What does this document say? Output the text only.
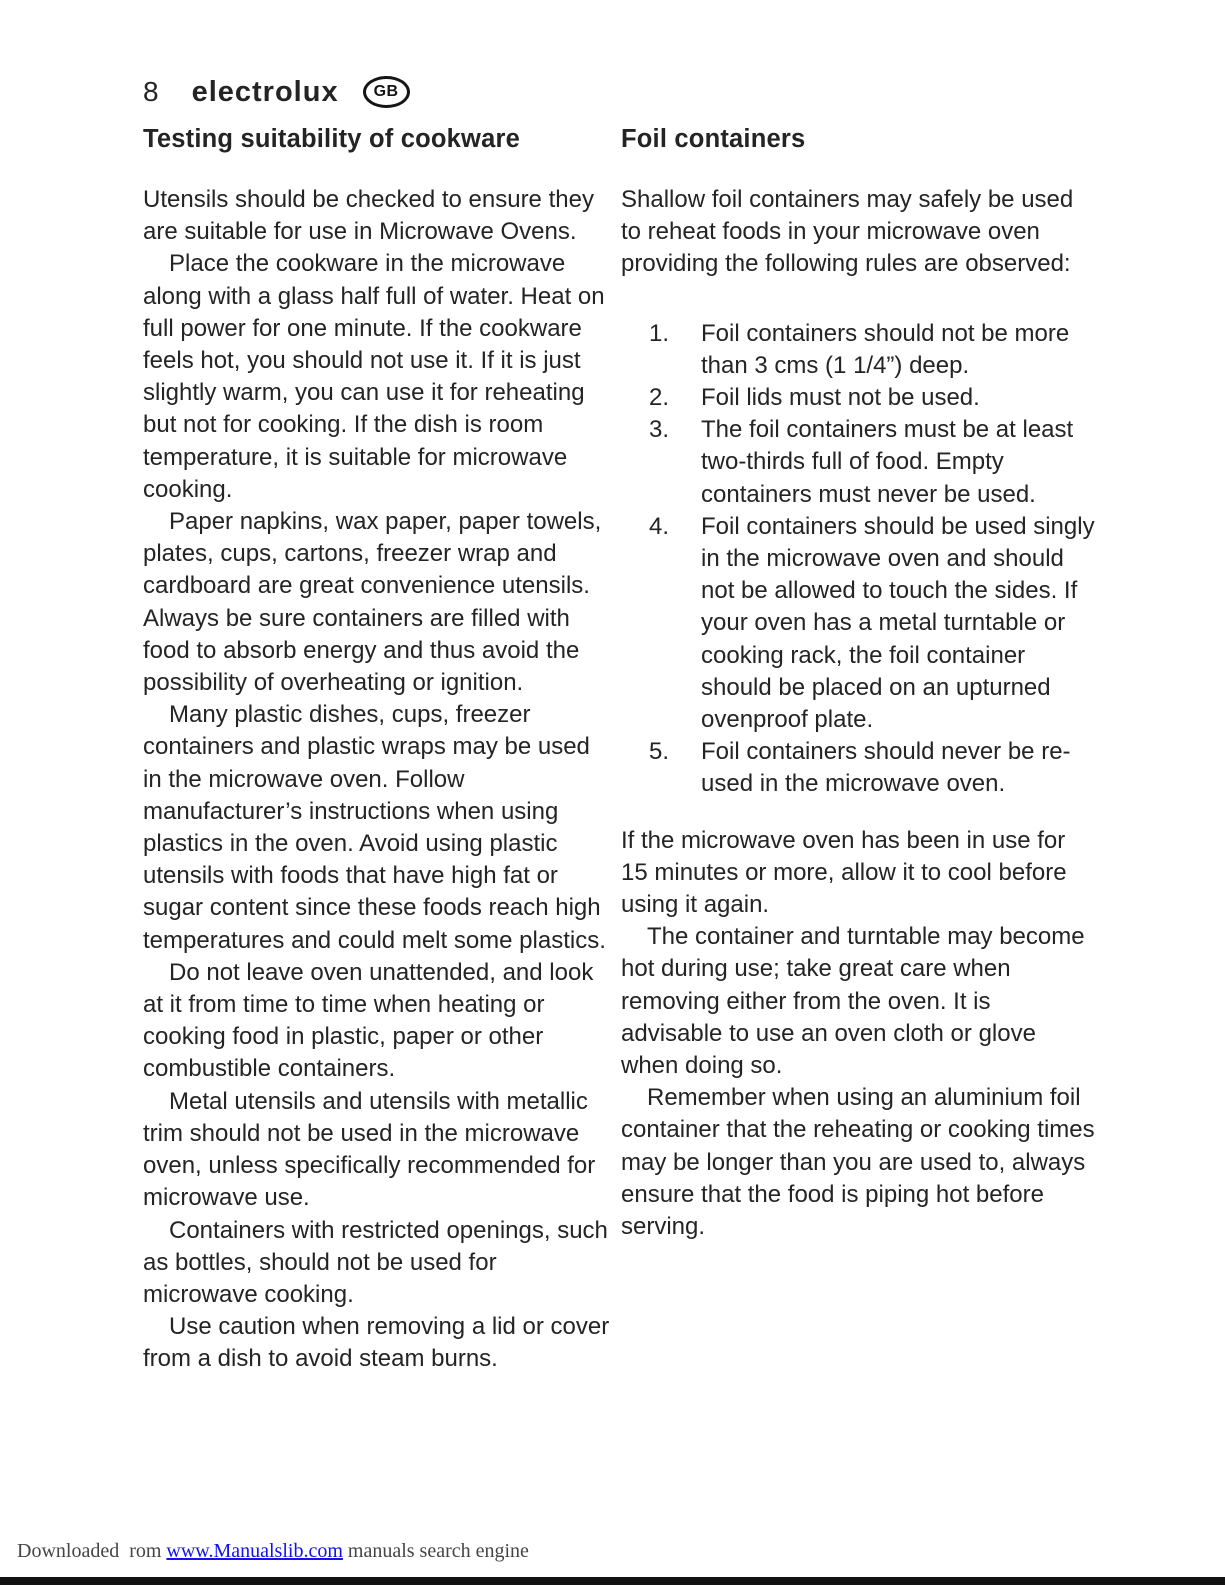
8 electrolux	GB
Testing suitability of cookware

Utensils should be checked to ensure they are suitable for use in Microwave Ovens.

Place the cookware in the microwave along with a glass half full of water. Heat on full power for one minute. If the cookware feels hot, you should not use it. If it is just slightly warm, you can use it for reheating but not for cooking. If the dish is room temperature, it is suitable for microwave cooking.

Paper napkins, wax paper, paper towels, plates, cups, cartons, freezer wrap and cardboard are great convenience utensils. Always be sure containers are filled with food to absorb energy and thus avoid the possibility of overheating or ignition.

Many plastic dishes, cups, freezer containers and plastic wraps may be used in the microwave oven. Follow manufacturer’s instructions when using plastics in the oven. Avoid using plastic utensils with foods that have high fat or sugar content since these foods reach high temperatures and could melt some plastics.

Do not leave oven unattended, and look at it from time to time when heating or cooking food in plastic, paper or other combustible containers.

Metal utensils and utensils with metallic trim should not be used in the microwave oven, unless specifically recommended for microwave use.

Containers with restricted openings, such as bottles, should not be used for microwave cooking.

Use caution when removing a lid or cover from a dish to avoid steam burns.

Foil containers

Shallow foil containers may safely be used to reheat foods in your microwave oven providing the following rules are observed:

1.	Foil containers should not be more than 3 cms (1 1/4”) deep.
2.	Foil lids must not be used.
3.	The foil containers must be at least two-thirds full of food. Empty containers must never be used.
4.	Foil containers should be used singly in the microwave oven and should not be allowed to touch the sides. If your oven has a metal turntable or cooking rack, the foil container should be placed on an upturned ovenproof plate.
5.	Foil containers should never be re-used in the microwave oven.

If the microwave oven has been in use for 15 minutes or more, allow it to cool before using it again.

The container and turntable may become hot during use; take great care when removing either from the oven. It is advisable to use an oven cloth or glove when doing so.

Remember when using an aluminium foil container that the reheating or cooking times may be longer than you are used to, always ensure that the food is piping hot before serving.

Downloaded  rom www.Manualslib.com manuals search engine
